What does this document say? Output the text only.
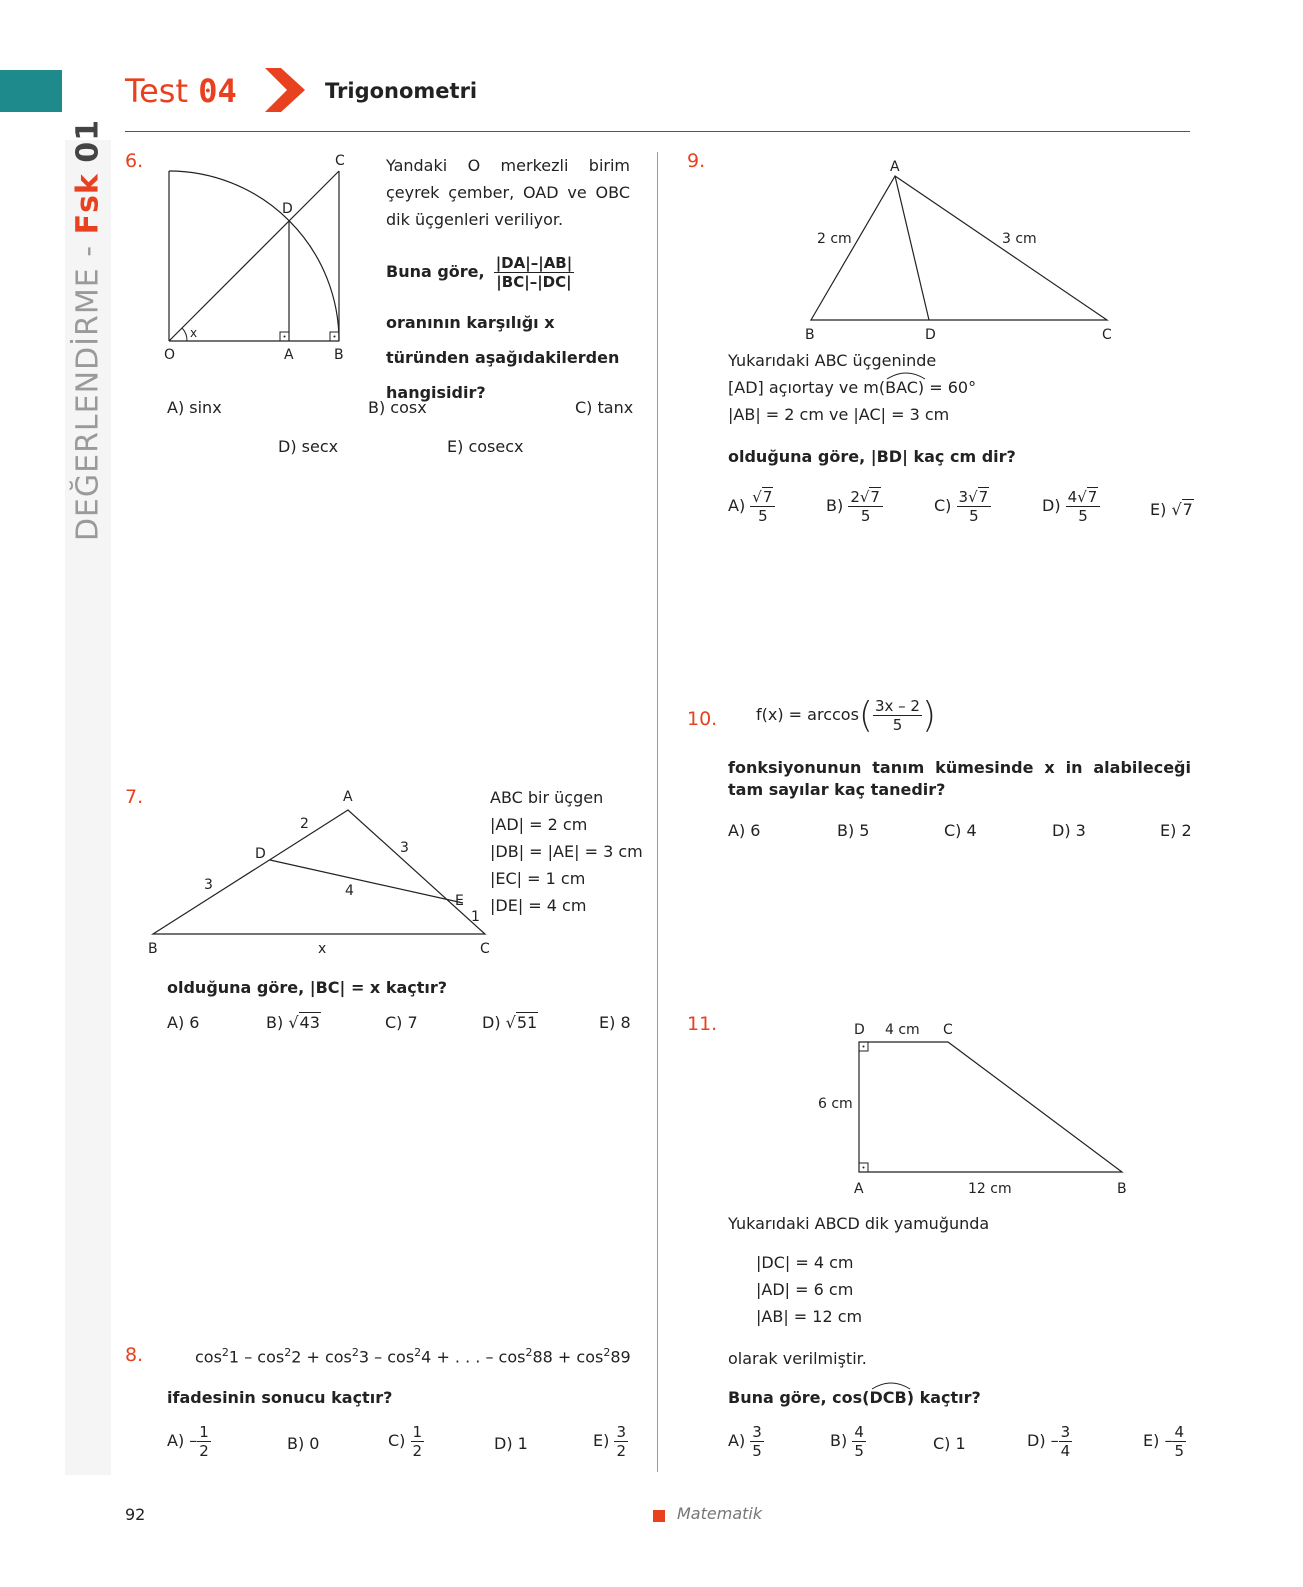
Test 04	Trigonometri
DEĞERLENDİRME - Fsk 01 6.	C
D
O	A	B
x
Yandaki O merkezli birim çeyrek çember, OAD ve OBC dik üçgenleri veriliyor.
Buna göre, $\frac{|DA|-|AB|}{|BC|-|DC|}$
oranının karşılığı x türünden aşağıdakilerden hangisidir?
A) sinx	B) cosx	C) tanx
D) secx	E) cosecx
7.	A
B	C
D
E
2
3
3
4
1
x
ABC bir üçgen
|AD| = 2 cm
|DB| = |AE| = 3 cm
|EC| = 1 cm
|DE| = 4 cm
olduğuna göre, |BC| = x kaçtır?
A) 6	B) √43	C) 7	D) √51	E) 8
8.	$\cos^21 - \cos^22 + \cos^23 - \cos^24$ + . . . – $\cos^288 + \cos^289$
ifadesinin sonucu kaçtır?
$A) - \frac{1}{2}$	B) 0	$C) \frac{1}{2}$	D) 1	$E) \frac{3}{2}$
9.	A
B	D	C
2 cm	3 cm
Yukarıdaki ABC üçgeninde
[AD] açıortay ve m(BAC
) = 60°
|AB| = 2 cm ve |AC| = 3 cm
olduğuna göre, |BD| kaç cm dir?
$A) \frac{√7}{5}$	$B) \frac{2√7}{5}$	$C) \frac{3√7}{5}$	$D) \frac{4√7}{5}$	E) √7
10. $f(x) = \arccos( \frac{3x - 2}{5}$ )
fonksiyonunun tanım kümesinde x in alabileceği tam sayılar kaç tanedir?
A) 6	B) 5	C) 4	D) 3	E) 2
11.	D	C
A	B
4 cm
6 cm
12 cm
Yukarıdaki ABCD dik yamuğunda
|DC| = 4 cm
|AD| = 6 cm
|AB| = 12 cm
olarak verilmiştir.
Buna göre, cos(DCB
) kaçtır?
$A) \frac{3}{5}$	$B) \frac{4}{5}$	C) 1	$D) - \frac{3}{4}$	$E) - \frac{4}{5}$
92	Matematik
